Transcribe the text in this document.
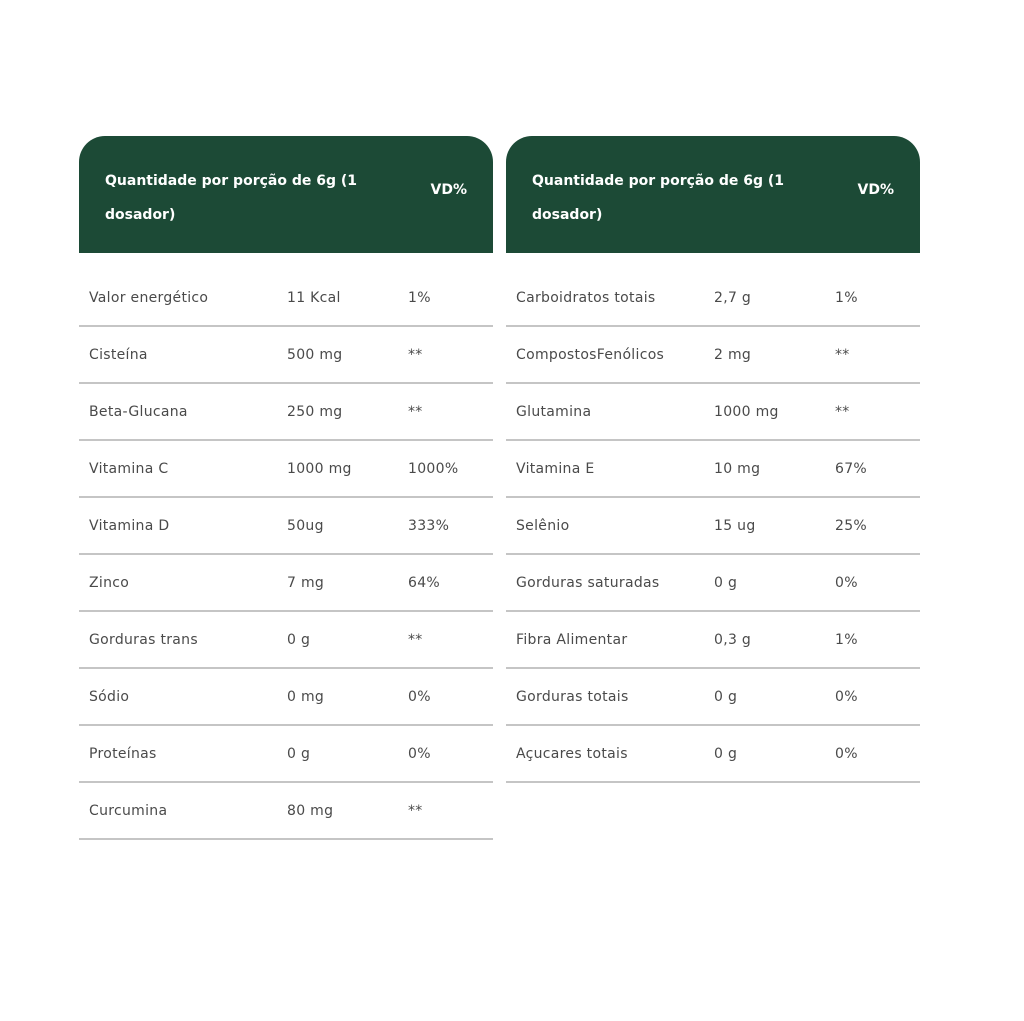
Quantidade por porção de 6g (1 dosador)
VD%
Valor energético	11 Kcal	1%
Cisteína	500 mg	**
Beta-Glucana	250 mg	**
Vitamina C	1000 mg	1000%
Vitamina D	50ug	333%
Zinco	7 mg	64%
Gorduras trans	0 g	**
Sódio	0 mg	0%
Proteínas	0 g	0%
Curcumina	80 mg	**
Quantidade por porção de 6g (1 dosador)
VD%
Carboidratos totais	2,7 g	1%
CompostosFenólicos	2 mg	**
Glutamina	1000 mg	**
Vitamina E	10 mg	67%
Selênio	15 ug	25%
Gorduras saturadas	0 g	0%
Fibra Alimentar	0,3 g	1%
Gorduras totais	0 g	0%
Açucares totais	0 g	0%
